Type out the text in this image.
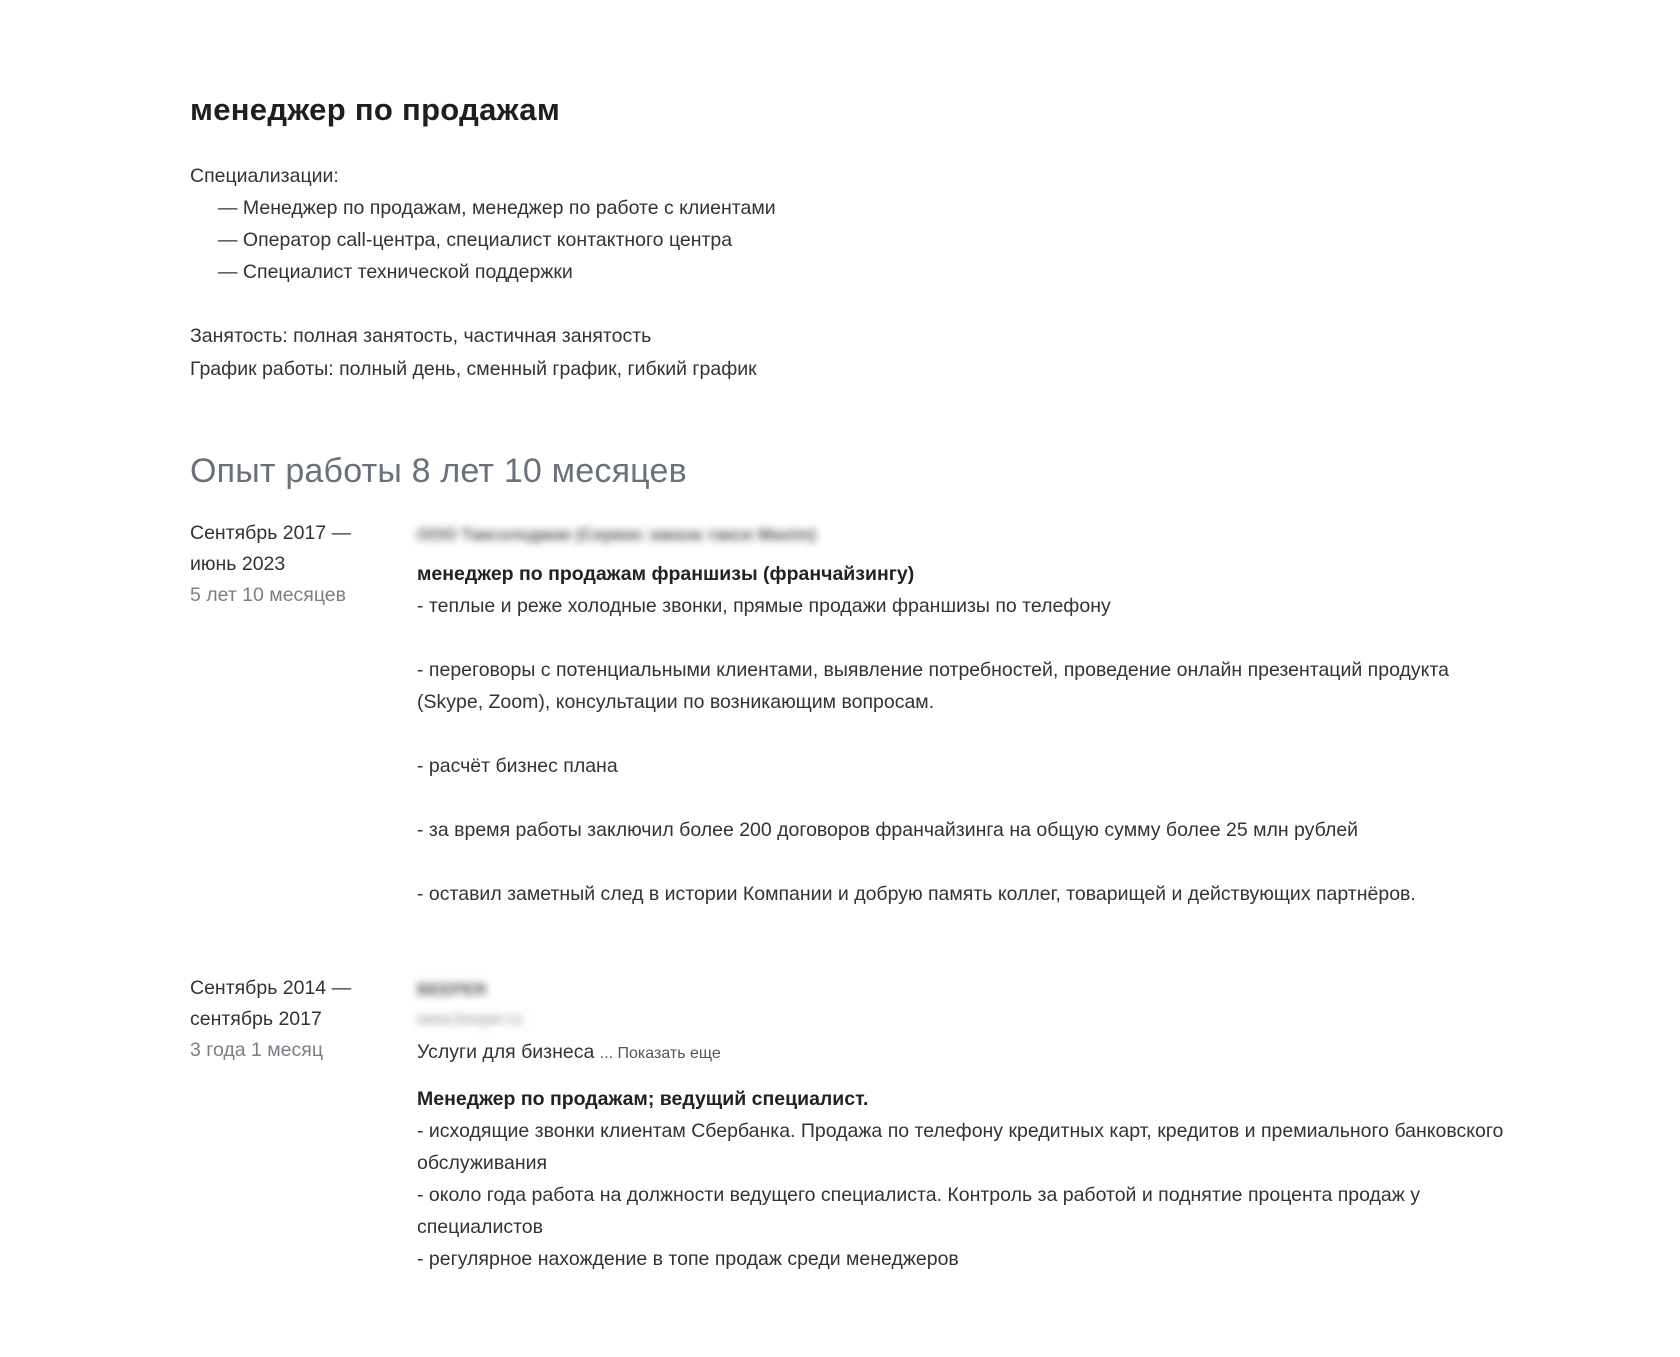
менеджер по продажам
Специализации:
— Менеджер по продажам, менеджер по работе с клиентами
— Оператор call-центра, специалист контактного центра
— Специалист технической поддержки
Занятость: полная занятость, частичная занятость
График работы: полный день, сменный график, гибкий график
Опыт работы 8 лет 10 месяцев
Сентябрь 2017 —
июнь 2023
5 лет 10 месяцев
ООО Таксолоджик (Сервис заказа такси Maxim)
менеджер по продажам франшизы (франчайзингу)

- теплые и реже холодные звонки, прямые продажи франшизы по телефону

- переговоры с потенциальными клиентами, выявление потребностей, проведение онлайн презентаций продукта (Skype, Zoom), консультации по возникающим вопросам.

- расчёт бизнес плана

- за время работы заключил более 200 договоров франчайзинга на общую сумму более 25 млн рублей

- оставил заметный след в истории Компании и добрую память коллег, товарищей и действующих партнёров.

Сентябрь 2014 —
сентябрь 2017
3 года 1 месяц
BEEPER
www.beeper.ru
Услуги для бизнеса ... Показать еще
Менеджер по продажам; ведущий специалист.

- исходящие звонки клиентам Сбербанка. Продажа по телефону кредитных карт, кредитов и премиального банковского обслуживания

- около года работа на должности ведущего специалиста. Контроль за работой и поднятие процента продаж у специалистов

- регулярное нахождение в топе продаж среди менеджеров
